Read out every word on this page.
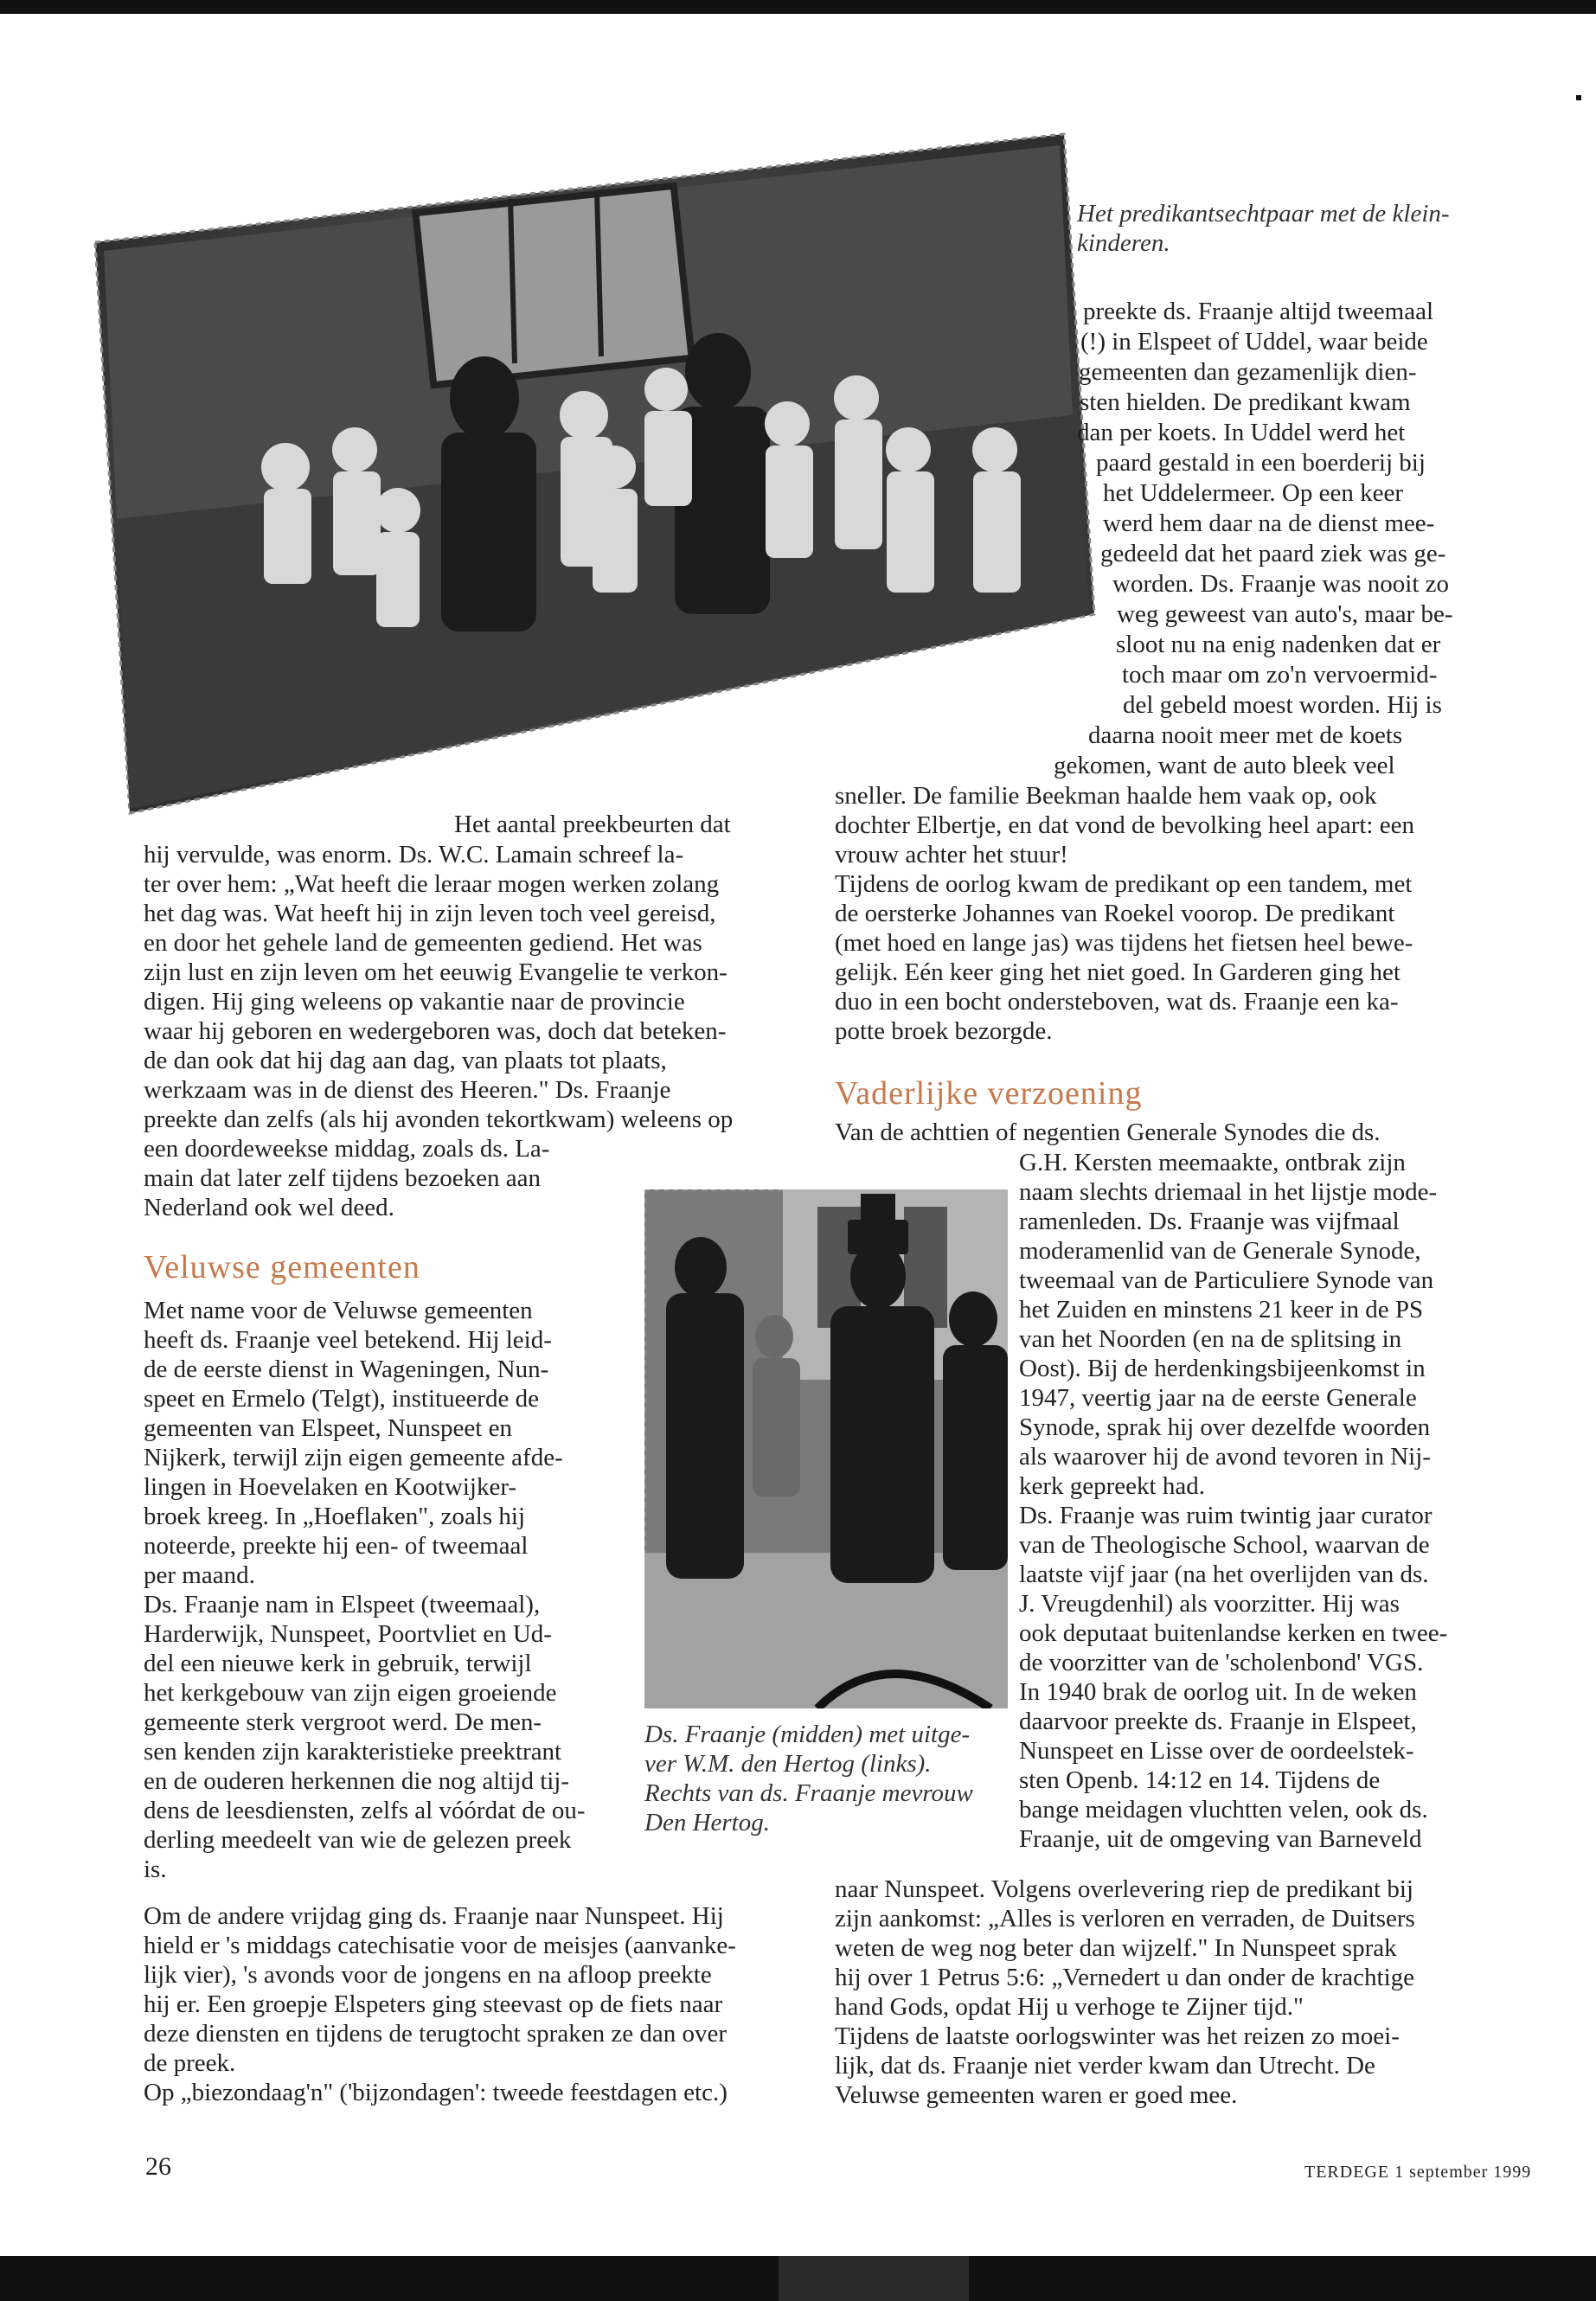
Het predikantsechtpaar met de klein-
kinderen.
preekte ds. Fraanje altijd tweemaal
(!) in Elspeet of Uddel, waar beide
gemeenten dan gezamenlijk dien-
sten hielden. De predikant kwam
dan per koets. In Uddel werd het
paard gestald in een boerderij bij
het Uddelermeer. Op een keer
werd hem daar na de dienst mee-
gedeeld dat het paard ziek was ge-
worden. Ds. Fraanje was nooit zo
weg geweest van auto's, maar be-
sloot nu na enig nadenken dat er
toch maar om zo'n vervoermid-
del gebeld moest worden. Hij is
daarna nooit meer met de koets
gekomen, want de auto bleek veel
sneller. De familie Beekman haalde hem vaak op, ook
dochter Elbertje, en dat vond de bevolking heel apart: een
vrouw achter het stuur!
Tijdens de oorlog kwam de predikant op een tandem, met
de oersterke Johannes van Roekel voorop. De predikant
(met hoed en lange jas) was tijdens het fietsen heel bewe-
gelijk. Eén keer ging het niet goed. In Garderen ging het
duo in een bocht ondersteboven, wat ds. Fraanje een ka-
potte broek bezorgde.
Vaderlijke verzoening
Van de achttien of negentien Generale Synodes die ds.
G.H. Kersten meemaakte, ontbrak zijn
naam slechts driemaal in het lijstje mode-
ramenleden. Ds. Fraanje was vijfmaal
moderamenlid van de Generale Synode,
tweemaal van de Particuliere Synode van
het Zuiden en minstens 21 keer in de PS
van het Noorden (en na de splitsing in
Oost). Bij de herdenkingsbijeenkomst in
1947, veertig jaar na de eerste Generale
Synode, sprak hij over dezelfde woorden
als waarover hij de avond tevoren in Nij-
kerk gepreekt had.
Ds. Fraanje was ruim twintig jaar curator
van de Theologische School, waarvan de
laatste vijf jaar (na het overlijden van ds.
J. Vreugdenhil) als voorzitter. Hij was
ook deputaat buitenlandse kerken en twee-
de voorzitter van de 'scholenbond' VGS.
In 1940 brak de oorlog uit. In de weken
daarvoor preekte ds. Fraanje in Elspeet,
Nunspeet en Lisse over de oordeelstek-
sten Openb. 14:12 en 14. Tijdens de
bange meidagen vluchtten velen, ook ds.
Fraanje, uit de omgeving van Barneveld
naar Nunspeet. Volgens overlevering riep de predikant bij
zijn aankomst: „Alles is verloren en verraden, de Duitsers
weten de weg nog beter dan wijzelf." In Nunspeet sprak
hij over 1 Petrus 5:6: „Vernedert u dan onder de krachtige
hand Gods, opdat Hij u verhoge te Zijner tijd."
Tijdens de laatste oorlogswinter was het reizen zo moei-
lijk, dat ds. Fraanje niet verder kwam dan Utrecht. De
Veluwse gemeenten waren er goed mee.
Het aantal preekbeurten dat
hij vervulde, was enorm. Ds. W.C. Lamain schreef la-
ter over hem: „Wat heeft die leraar mogen werken zolang
het dag was. Wat heeft hij in zijn leven toch veel gereisd,
en door het gehele land de gemeenten gediend. Het was
zijn lust en zijn leven om het eeuwig Evangelie te verkon-
digen. Hij ging weleens op vakantie naar de provincie
waar hij geboren en wedergeboren was, doch dat beteken-
de dan ook dat hij dag aan dag, van plaats tot plaats,
werkzaam was in de dienst des Heeren." Ds. Fraanje
preekte dan zelfs (als hij avonden tekortkwam) weleens op
een doordeweekse middag, zoals ds. La-
main dat later zelf tijdens bezoeken aan
Nederland ook wel deed.
Veluwse gemeenten
Met name voor de Veluwse gemeenten
heeft ds. Fraanje veel betekend. Hij leid-
de de eerste dienst in Wageningen, Nun-
speet en Ermelo (Telgt), institueerde de
gemeenten van Elspeet, Nunspeet en
Nijkerk, terwijl zijn eigen gemeente afde-
lingen in Hoevelaken en Kootwijker-
broek kreeg. In „Hoeflaken", zoals hij
noteerde, preekte hij een- of tweemaal
per maand.
Ds. Fraanje nam in Elspeet (tweemaal),
Harderwijk, Nunspeet, Poortvliet en Ud-
del een nieuwe kerk in gebruik, terwijl
het kerkgebouw van zijn eigen groeiende
gemeente sterk vergroot werd. De men-
sen kenden zijn karakteristieke preektrant
en de ouderen herkennen die nog altijd tij-
dens de leesdiensten, zelfs al vóórdat de ou-
derling meedeelt van wie de gelezen preek
is.
Ds. Fraanje (midden) met uitge-
ver W.M. den Hertog (links).
Rechts van ds. Fraanje mevrouw
Den Hertog.
Om de andere vrijdag ging ds. Fraanje naar Nunspeet. Hij
hield er 's middags catechisatie voor de meisjes (aanvanke-
lijk vier), 's avonds voor de jongens en na afloop preekte
hij er. Een groepje Elspeters ging steevast op de fiets naar
deze diensten en tijdens de terugtocht spraken ze dan over
de preek.
Op „biezondaag'n" ('bijzondagen': tweede feestdagen etc.)
26	TERDEGE 1 september 1999
